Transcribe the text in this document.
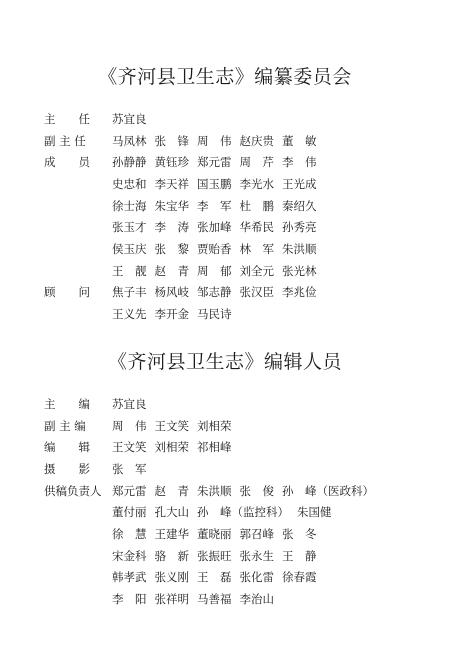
《齐河县卫生志》编纂委员会
主　　任	苏宜良
副 主 任	马凤林 张　锋 周　伟 赵庆贵 董　敏
成　　员	孙静静 黄钰珍 郑元雷 周　芹 李　伟
史忠和 李天祥 国玉鹏 李光水 王光成
徐士海 朱宝华 李　军 杜　鹏 秦绍久
张玉才 李　涛 张加峰 华希民 孙秀亮
侯玉庆 张　黎 贾贻香 林　军 朱洪顺
王　靓 赵　青 周　郁 刘全元 张光林
顾　　问	焦子丰 杨风岐 邹志静 张汉臣 李兆俭
王义先 李开金 马民诗
《齐河县卫生志》编辑人员
主　　编	苏宜良
副 主 编	周　伟 王文笑 刘相荣
编　　辑	王文笑 刘相荣 祁相峰
摄　　影	张　军
供稿负责人 郑元雷 赵　青 朱洪顺 张　俊 孙　峰（医政科）
董付丽 孔大山 孙　峰（监控科） 朱国健
徐　慧 王建华 董晓丽 郭召峰 张　冬
宋金科 骆　新 张振旺 张永生 王　静
韩孝武 张义刚 王　磊 张化雷 徐春霞
李　阳 张祥明 马善福 李治山
